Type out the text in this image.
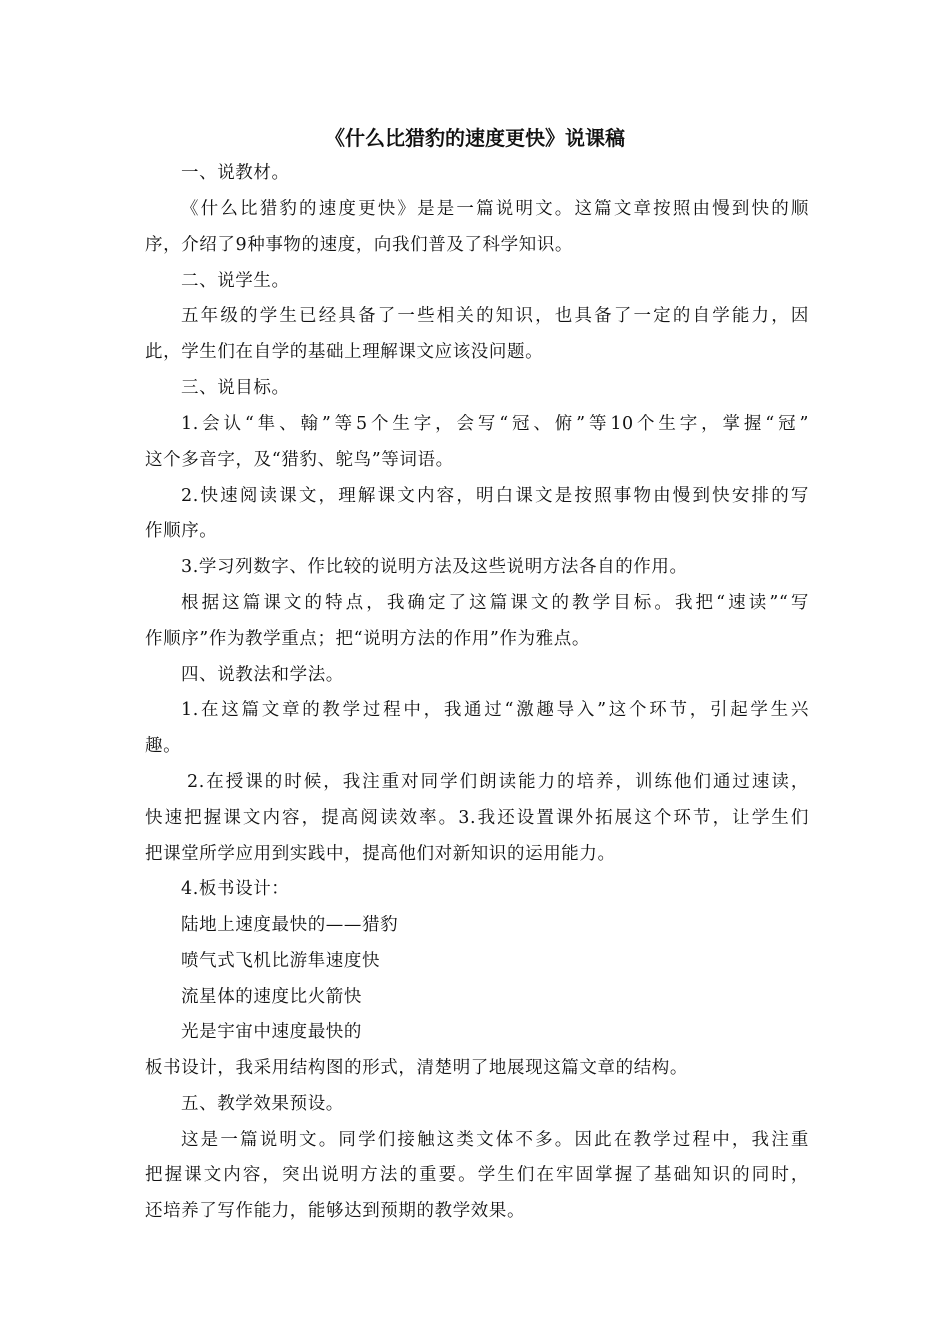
《什么比猎豹的速度更快》说课稿
一、说教材。
《什么比猎豹的速度更快》是是一篇说明文。这篇文章按照由慢到快的顺
序，介绍了9种事物的速度，向我们普及了科学知识。
二、说学生。
五年级的学生已经具备了一些相关的知识，也具备了一定的自学能力，因
此，学生们在自学的基础上理解课文应该没问题。
三、说目标。
1.会认“隼、翰”等5个生字，会写“冠、俯”等10个生字，掌握“冠”
这个多音字，及“猎豹、鸵鸟”等词语。
2.快速阅读课文，理解课文内容，明白课文是按照事物由慢到快安排的写
作顺序。
3.学习列数字、作比较的说明方法及这些说明方法各自的作用。
根据这篇课文的特点，我确定了这篇课文的教学目标。我把“速读”“写
作顺序”作为教学重点；把“说明方法的作用”作为雅点。
四、说教法和学法。
1.在这篇文章的教学过程中，我通过“激趣导入”这个环节，引起学生兴
趣。
2.在授课的时候，我注重对同学们朗读能力的培养，训练他们通过速读，
快速把握课文内容，提高阅读效率。3.我还设置课外拓展这个环节，让学生们
把课堂所学应用到实践中，提高他们对新知识的运用能力。
4.板书设计：
陆地上速度最快的——猎豹
喷气式飞机比游隼速度快
流星体的速度比火箭快
光是宇宙中速度最快的
板书设计，我采用结构图的形式，清楚明了地展现这篇文章的结构。
五、教学效果预设。
这是一篇说明文。同学们接触这类文体不多。因此在教学过程中，我注重
把握课文内容，突出说明方法的重要。学生们在牢固掌握了基础知识的同时，
还培养了写作能力，能够达到预期的教学效果。
